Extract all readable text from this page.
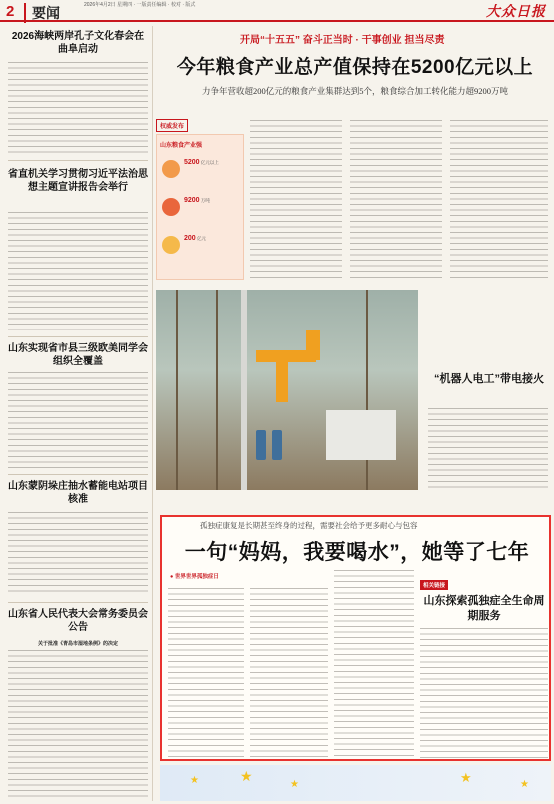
2	要闻	2026年4月2日 星期四 · 一版责任编辑 · 校对 · 版式	大众日报
2026海峡两岸孔子文化春会在曲阜启动
省直机关学习贯彻习近平法治思想主题宣讲报告会举行
山东实现省市县三级欧美同学会组织全覆盖
山东蒙阴垛庄抽水蓄能电站项目核准
山东省人民代表大会常务委员会公告
关于批准《青岛市湿地条例》的决定
开局“十五五” 奋斗正当时 · 干事创业 担当尽责
今年粮食产业总产值保持在5200亿元以上
力争年营收超200亿元的粮食产业集群达到5个，粮食综合加工转化能力超9200万吨
权威发布
山东粮食产业强
5200 亿元以上
9200 万吨
200 亿元
“机器人电工”带电接火
孤独症康复是长期甚至终身的过程，需要社会给予更多耐心与包容
一句“妈妈，我要喝水”，她等了七年
● 世界世界孤独症日
相关链接
山东探索孤独症全生命周期服务
★	★	★	★	★
